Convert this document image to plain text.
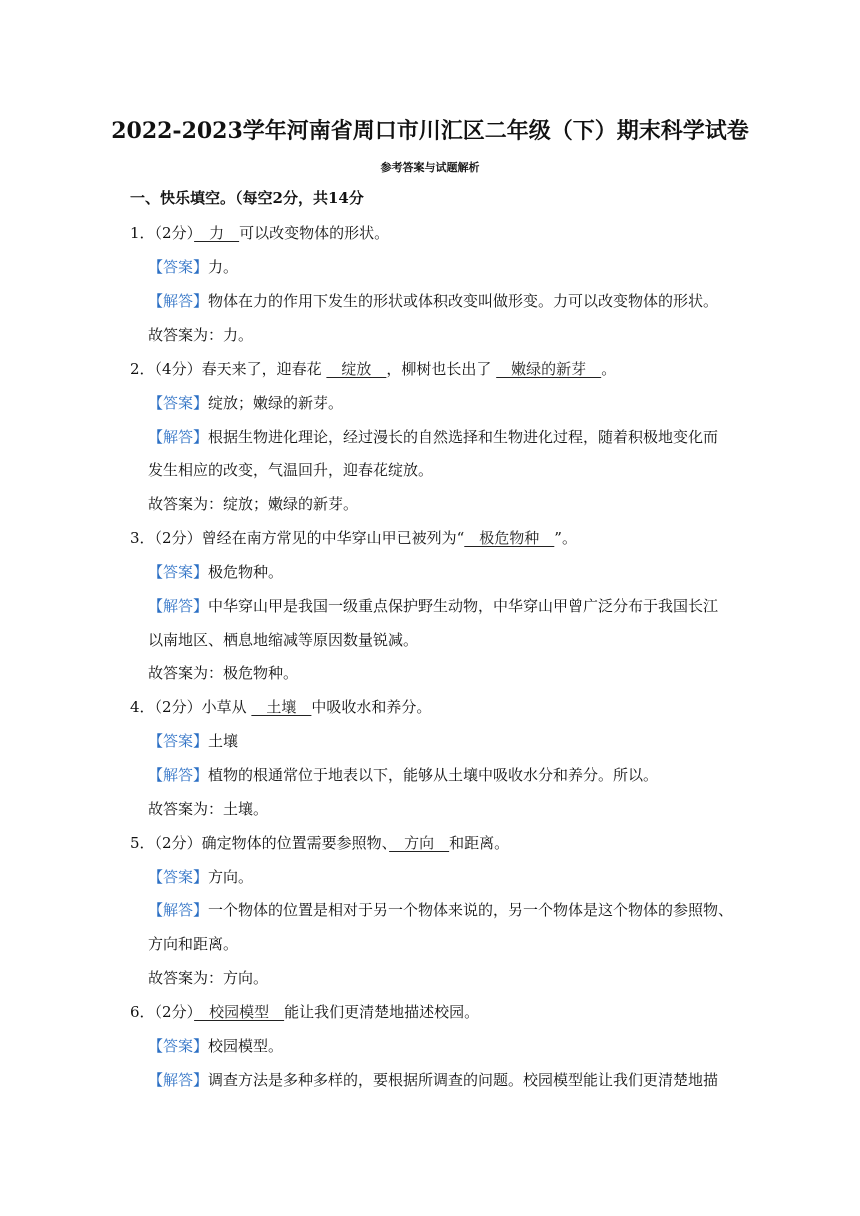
2022-2023学年河南省周口市川汇区二年级（下）期末科学试卷
参考答案与试题解析
一、快乐填空。（每空2分，共14分
1．（2分）　力　可以改变物体的形状。
【答案】力。
【解答】物体在力的作用下发生的形状或体积改变叫做形变。力可以改变物体的形状。
故答案为：力。
2．（4分）春天来了，迎春花 　绽放　，柳树也长出了 　嫩绿的新芽　。
【答案】绽放；嫩绿的新芽。
【解答】根据生物进化理论，经过漫长的自然选择和生物进化过程，随着积极地变化而
发生相应的改变，气温回升，迎春花绽放。
故答案为：绽放；嫩绿的新芽。
3．（2分）曾经在南方常见的中华穿山甲已被列为“　极危物种　”。
【答案】极危物种。
【解答】中华穿山甲是我国一级重点保护野生动物，中华穿山甲曾广泛分布于我国长江
以南地区、栖息地缩减等原因数量锐减。
故答案为：极危物种。
4．（2分）小草从 　土壤　中吸收水和养分。
【答案】土壤
【解答】植物的根通常位于地表以下，能够从土壤中吸收水分和养分。所以。
故答案为：土壤。
5．（2分）确定物体的位置需要参照物、　方向　和距离。
【答案】方向。
【解答】一个物体的位置是相对于另一个物体来说的，另一个物体是这个物体的参照物、
方向和距离。
故答案为：方向。
6．（2分）　校园模型　能让我们更清楚地描述校园。
【答案】校园模型。
【解答】调查方法是多种多样的，要根据所调查的问题。校园模型能让我们更清楚地描
